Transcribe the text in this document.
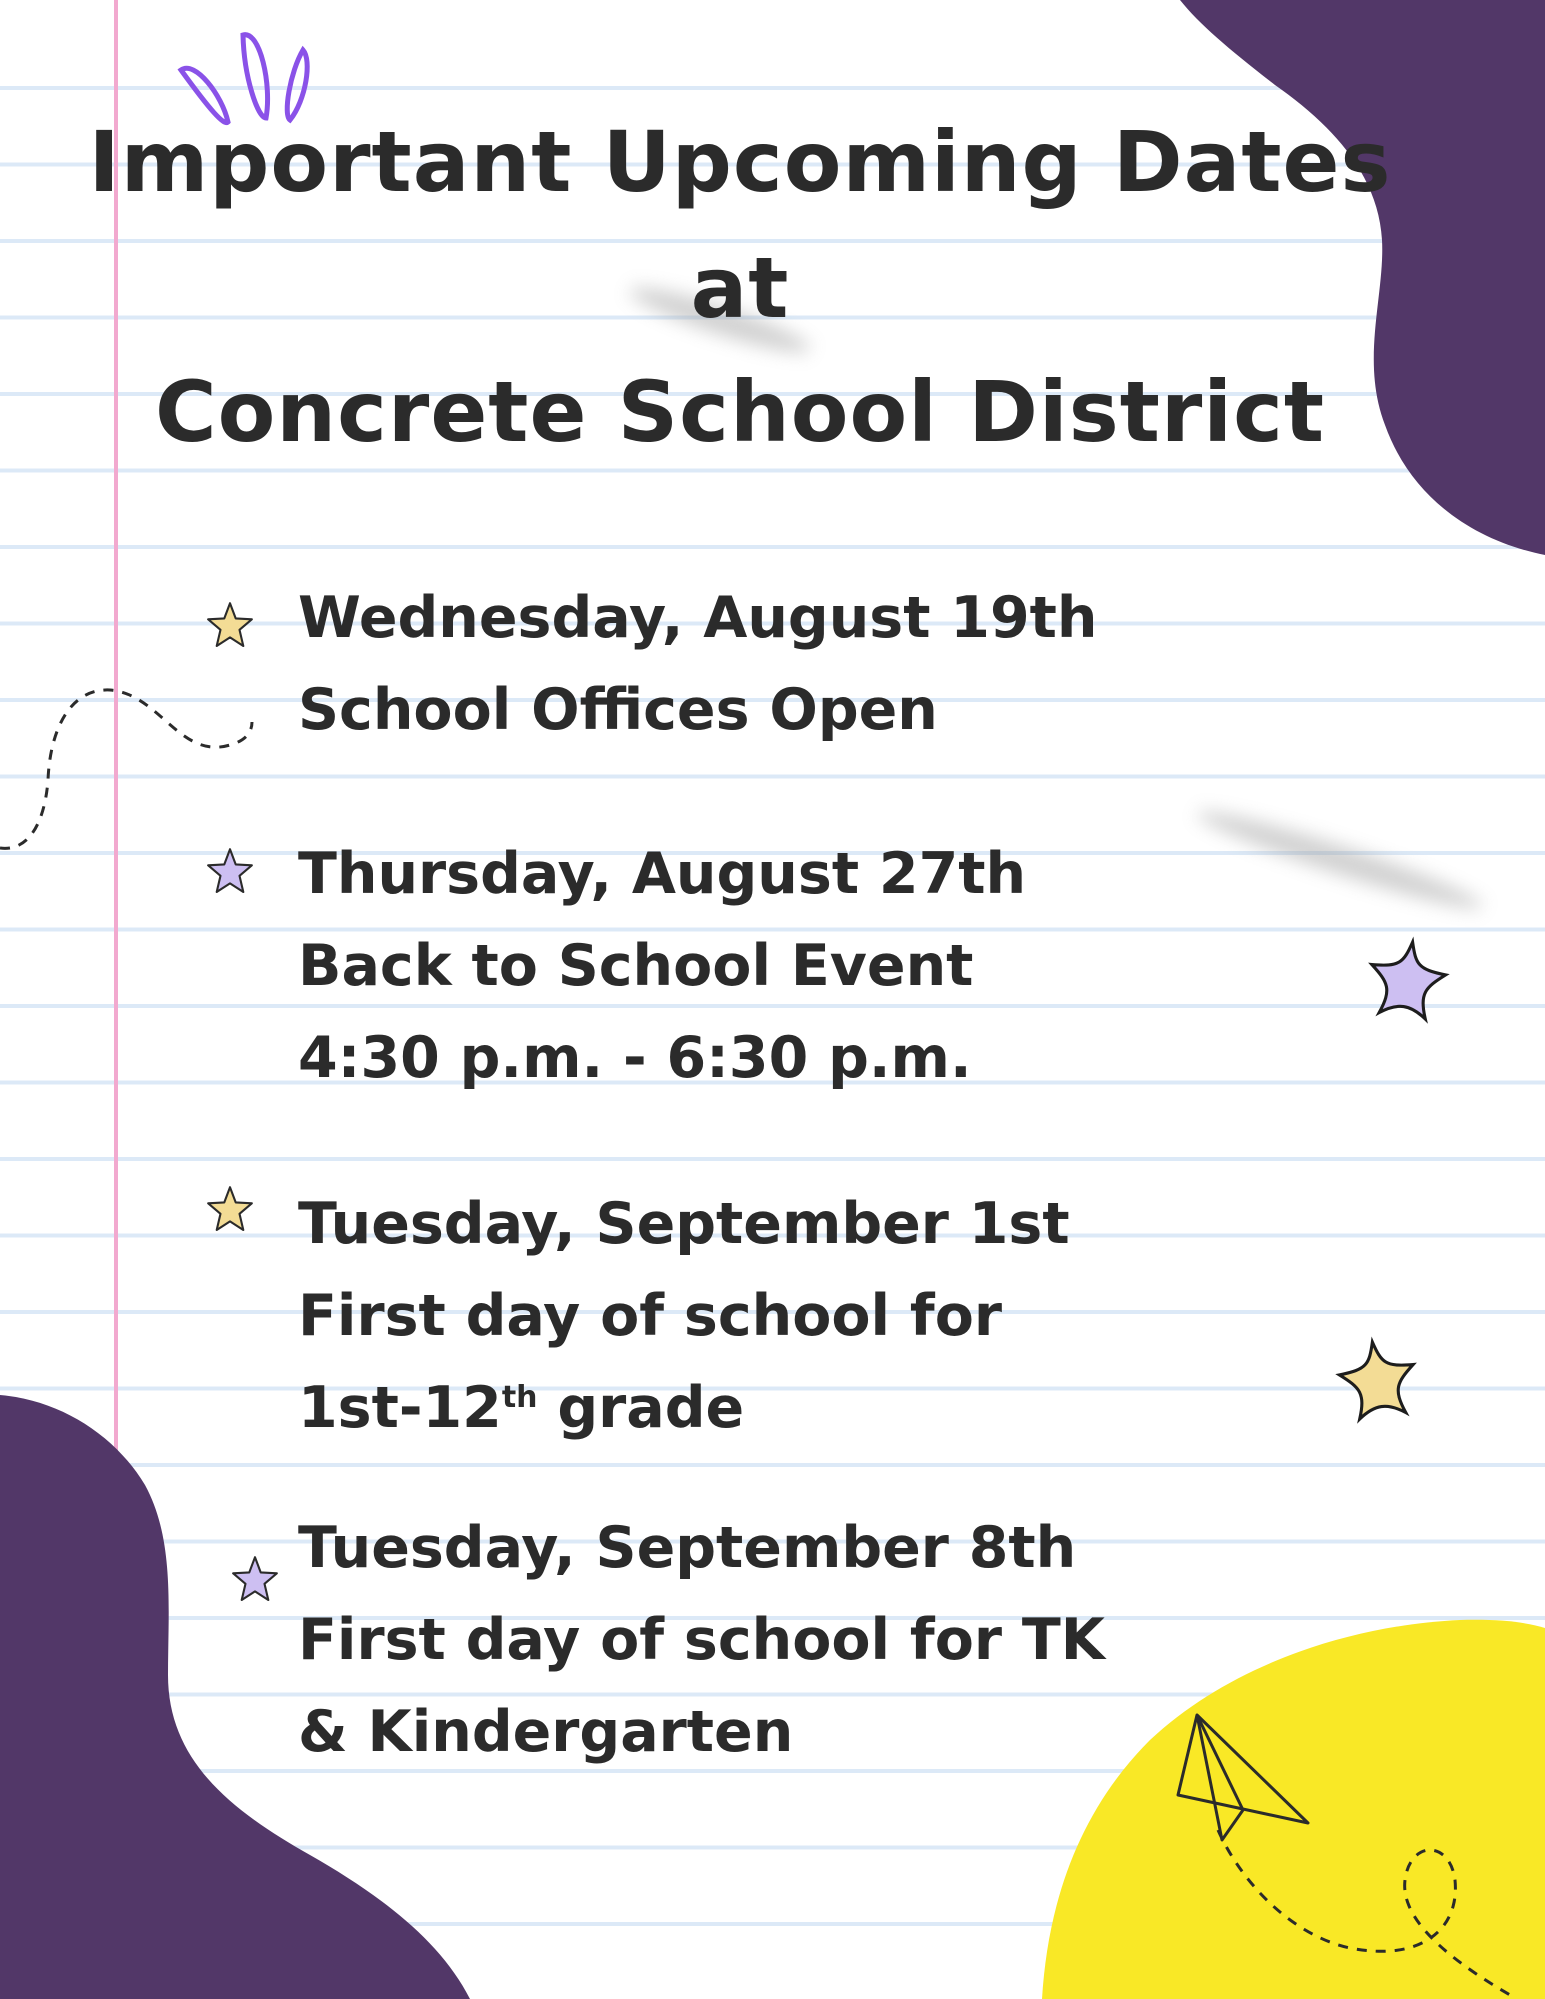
Important Upcoming Dates
at
Concrete School District
Wednesday, August 19th
School Offices Open
Thursday, August 27th
Back to School Event
4:30 p.m. - 6:30 p.m.
Tuesday, September 1st
First day of school for
1st-12th grade
Tuesday, September 8th
First day of school for TK
& Kindergarten
